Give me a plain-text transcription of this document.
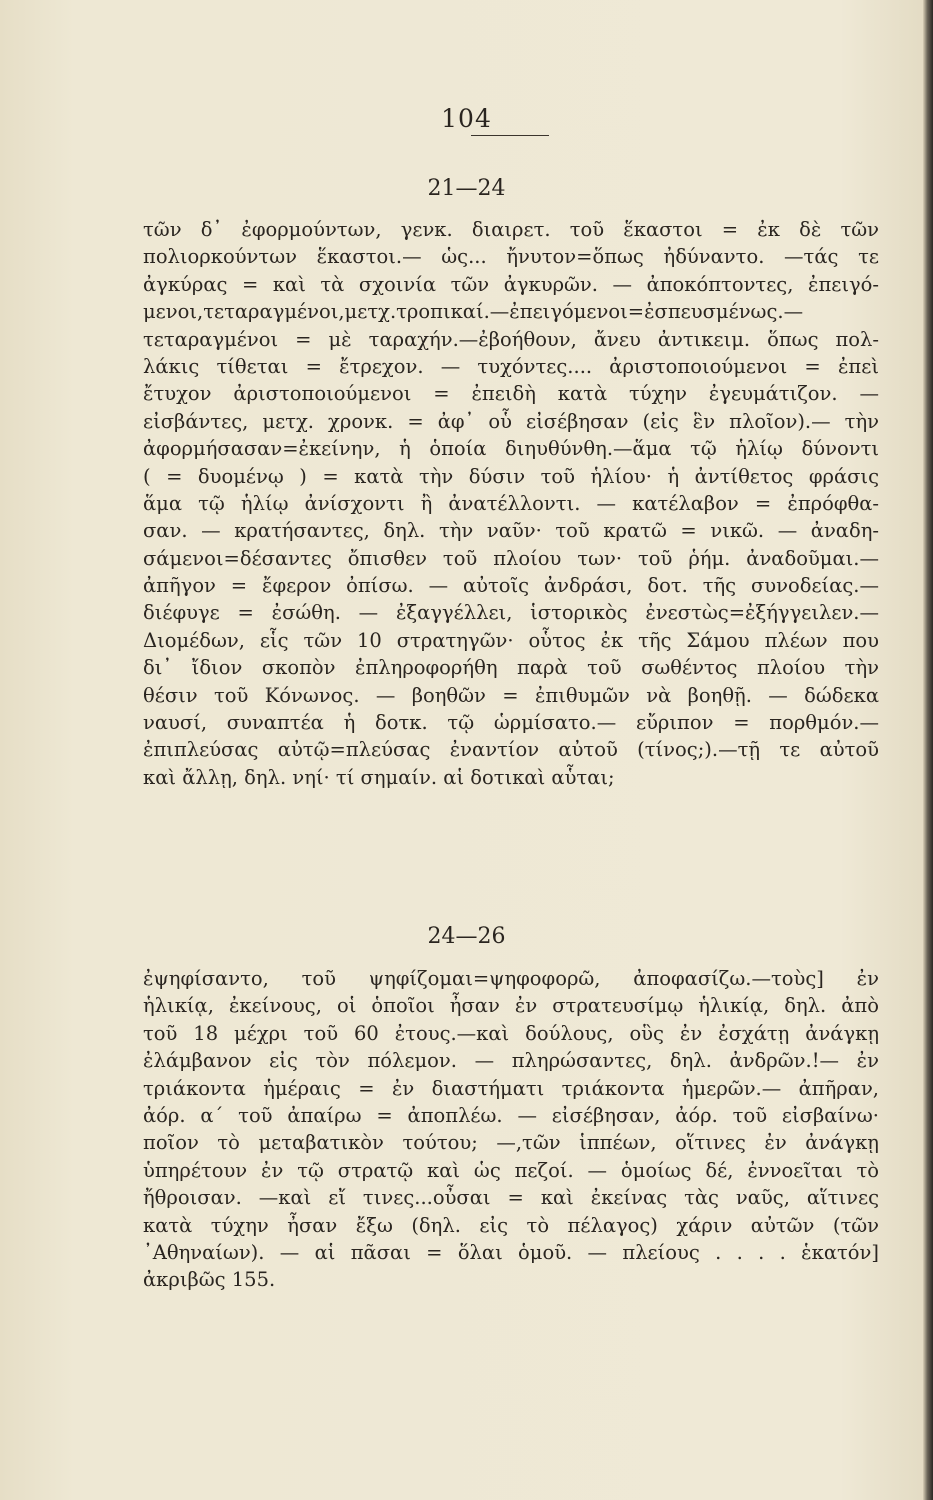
104
21—24
τῶν δ᾽ ἐφορμούντων, γενκ. διαιρετ. τοῦ ἕκαστοι = ἐκ δὲ τῶν
πολιορκούντων ἕκαστοι.— ὡς... ἤνυτον=ὅπως ἠδύναντο. —τάς τε
ἀγκύρας = καὶ τὰ σχοινία τῶν ἀγκυρῶν. — ἀποκόπτοντες, ἐπειγό-
μενοι,τεταραγμένοι,μετχ.τροπικαί.—ἐπειγόμενοι=ἐσπευσμένως.—
τεταραγμένοι = μὲ ταραχήν.—ἐβοήθουν, ἄνευ ἀντικειμ. ὅπως πολ-
λάκις τίθεται = ἔτρεχον. — τυχόντες.... ἀριστοποιούμενοι = ἐπεὶ
ἔτυχον ἀριστοποιούμενοι = ἐπειδὴ κατὰ τύχην ἐγευμάτιζον. —
εἰσβάντες, μετχ. χρονκ. = ἀφ᾽ οὗ εἰσέβησαν (εἰς ἓν πλοῖον).— τὴν
ἀφορμήσασαν=ἐκείνην, ἡ ὁποία διηυθύνθη.—ἅμα τῷ ἡλίῳ δύνοντι
( = δυομένῳ ) = κατὰ τὴν δύσιν τοῦ ἡλίου· ἡ ἀντίθετος φράσις
ἅμα τῷ ἡλίῳ ἀνίσχοντι ἢ ἀνατέλλοντι. — κατέλαβον = ἐπρόφθα-
σαν. — κρατήσαντες, δηλ. τὴν ναῦν· τοῦ κρατῶ = νικῶ. — ἀναδη-
σάμενοι=δέσαντες ὄπισθεν τοῦ πλοίου των· τοῦ ῥήμ. ἀναδοῦμαι.—
ἀπῆγον = ἔφερον ὀπίσω. — αὐτοῖς ἀνδράσι, δοτ. τῆς συνοδείας.—
διέφυγε = ἐσώθη. — ἐξαγγέλλει, ἱστορικὸς ἐνεστὼς=ἐξήγγειλεν.—
Διομέδων, εἷς τῶν 10 στρατηγῶν· οὗτος ἐκ τῆς Σάμου πλέων που
δι᾽ ἴδιον σκοπὸν ἐπληροφορήθη παρὰ τοῦ σωθέντος πλοίου τὴν
θέσιν τοῦ Κόνωνος. — βοηθῶν = ἐπιθυμῶν νὰ βοηθῇ. — δώδεκα
ναυσί, συναπτέα ἡ δοτκ. τῷ ὡρμίσατο.— εὔριπον = πορθμόν.—
ἐπιπλεύσας αὐτῷ=πλεύσας ἐναντίον αὐτοῦ (τίνος;).—τῇ τε αὐτοῦ
καὶ ἄλλῃ, δηλ. νηί· τί σημαίν. αἱ δοτικαὶ αὗται;
24—26
ἐψηφίσαντο, τοῦ ψηφίζομαι=ψηφοφορῶ, ἀποφασίζω.—τοὺς] ἐν
ἡλικίᾳ, ἐκείνους, οἱ ὁποῖοι ἦσαν ἐν στρατευσίμῳ ἡλικίᾳ, δηλ. ἀπὸ
τοῦ 18 μέχρι τοῦ 60 ἐτους.—καὶ δούλους, οὓς ἐν ἐσχάτῃ ἀνάγκῃ
ἐλάμβανον εἰς τὸν πόλεμον. — πληρώσαντες, δηλ. ἀνδρῶν.!— ἐν
τριάκοντα ἡμέραις = ἐν διαστήματι τριάκοντα ἡμερῶν.— ἀπῆραν,
ἀόρ. α΄ τοῦ ἀπαίρω = ἀποπλέω. — εἰσέβησαν, ἀόρ. τοῦ εἰσβαίνω·
ποῖον τὸ μεταβατικὸν τούτου; —,τῶν ἱππέων, οἵτινες ἐν ἀνάγκῃ
ὑπηρέτουν ἐν τῷ στρατῷ καὶ ὡς πεζοί. — ὁμοίως δέ, ἐννοεῖται τὸ
ἤθροισαν. —καὶ εἴ τινες...οὖσαι = καὶ ἐκείνας τὰς ναῦς, αἵτινες
κατὰ τύχην ἦσαν ἔξω (δηλ. εἰς τὸ πέλαγος) χάριν αὐτῶν (τῶν
᾽Αθηναίων). — αἱ πᾶσαι = ὅλαι ὁμοῦ. — πλείους . . . . ἑκατόν]
ἀκριβῶς 155.
